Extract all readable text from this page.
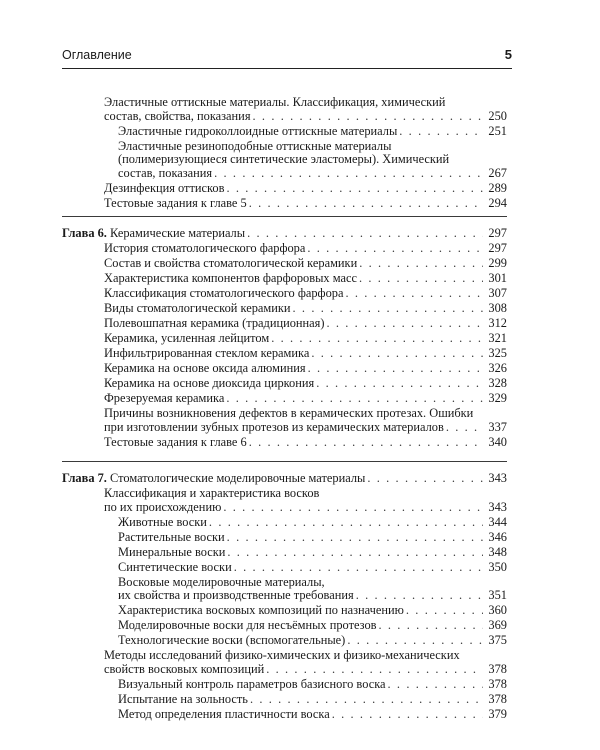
Оглавление	5
Эластичные оттискные материалы. Классификация, химический
состав, свойства, показания . . .	250
Эластичные гидроколлоидные оттискные материалы . . .	251
Эластичные резиноподобные оттискные материалы
(полимеризующиеся синтетические эластомеры). Химический
состав, показания . . .	267
Дезинфекция оттисков . . .	289
Тестовые задания к главе 5 . . .	294
Глава 6. Керамические материалы . . .	297
История стоматологического фарфора . . .	297
Состав и свойства стоматологической керамики . . .	299
Характеристика компонентов фарфоровых масс . . .	301
Классификация стоматологического фарфора . . .	307
Виды стоматологической керамики . . .	308
Полевошпатная керамика (традиционная) . . .	312
Керамика, усиленная лейцитом . . .	321
Инфильтрированная стеклом керамика . . .	325
Керамика на основе оксида алюминия . . .	326
Керамика на основе диоксида циркония . . .	328
Фрезеруемая керамика . . .	329
Причины возникновения дефектов в керамических протезах. Ошибки
при изготовлении зубных протезов из керамических материалов . . .	337
Тестовые задания к главе 6 . . .	340
Глава 7. Стоматологические моделировочные материалы . . .	343
Классификация и характеристика восков
по их происхождению . . .	343
Животные воски . . .	344
Растительные воски . . .	346
Минеральные воски . . .	348
Синтетические воски . . .	350
Восковые моделировочные материалы,
их свойства и производственные требования . . .	351
Характеристика восковых композиций по назначению . . .	360
Моделировочные воски для несъёмных протезов . . .	369
Технологические воски (вспомогательные) . . .	375
Методы исследований физико-химических и физико-механических
свойств восковых композиций . . .	378
Визуальный контроль параметров базисного воска . . .	378
Испытание на зольность . . .	378
Метод определения пластичности воска . . .	379
